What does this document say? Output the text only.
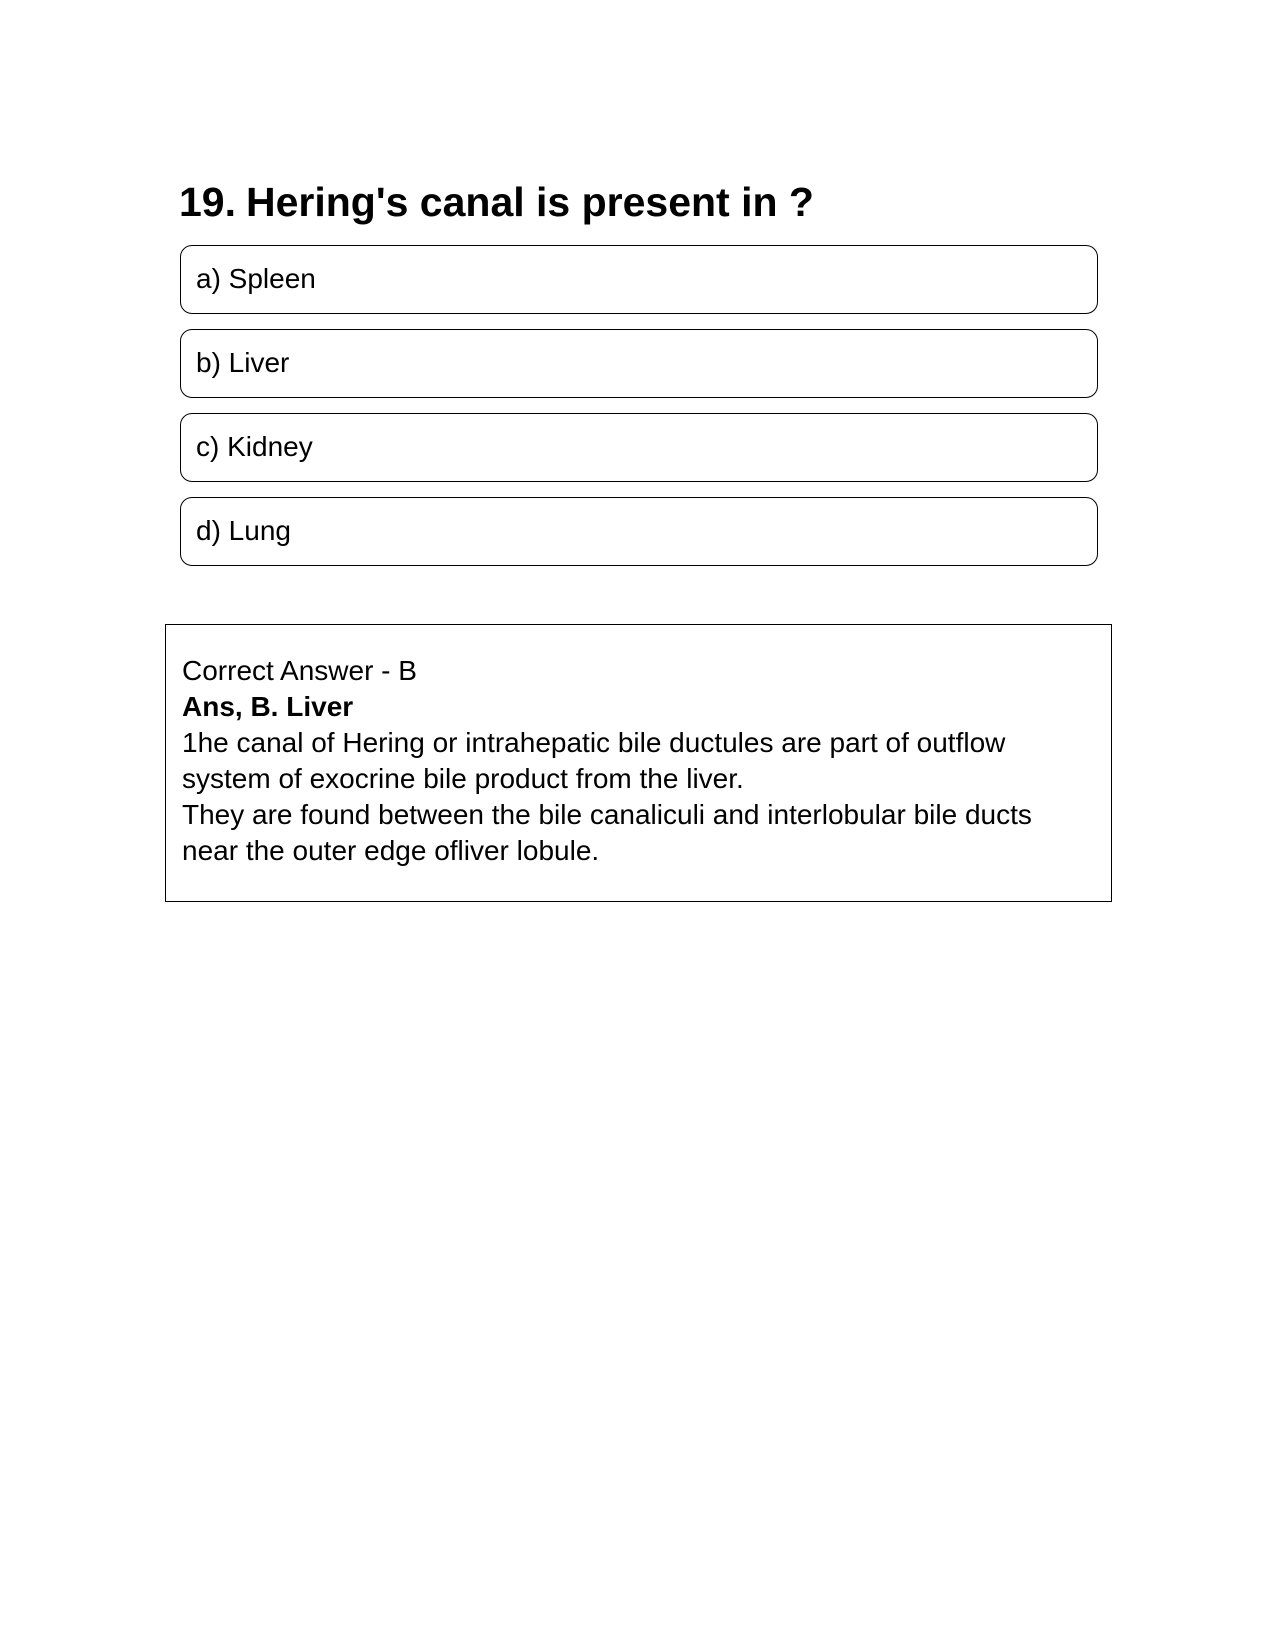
19. Hering's canal is present in ?
a) Spleen
b) Liver
c) Kidney
d) Lung
Correct Answer - B
Ans, B. Liver
1he canal of Hering or intrahepatic bile ductules are part of outflow system of exocrine bile product from the liver.
They are found between the bile canaliculi and interlobular bile ducts near the outer edge ofliver lobule.
